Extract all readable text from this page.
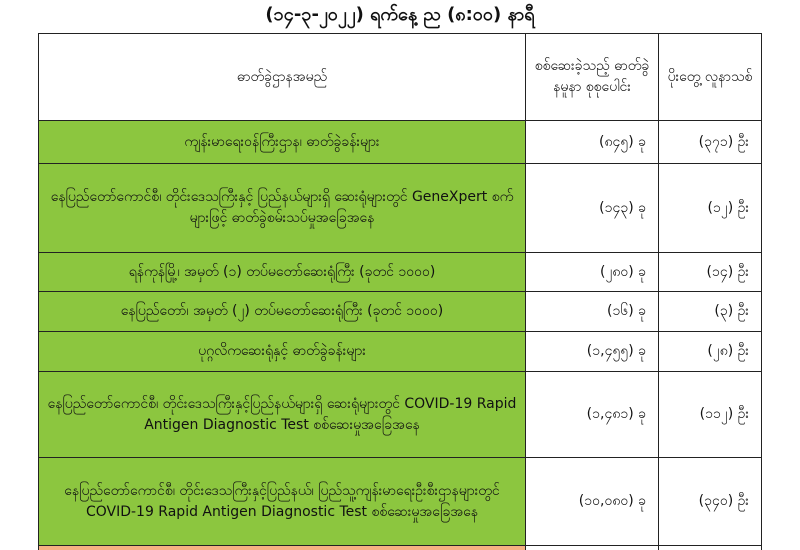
(၁၄-၃-၂၀၂၂) ရက်နေ့ ည (၈:၀၀) နာရီ
ဓာတ်ခွဲဌာနအမည်	စစ်ဆေးခဲ့သည့် ဓာတ်ခွဲနမူနာ စုစုပေါင်း	ပိုးတွေ့ လူနာသစ်
ကျန်းမာရေးဝန်ကြီးဌာန၊ ဓာတ်ခွဲခန်းများ	(၈၄၅) ခု	(၃၇၁) ဦး
နေပြည်တော်ကောင်စီ၊ တိုင်းဒေသကြီးနှင့် ပြည်နယ်များရှိ ဆေးရုံများတွင် GeneXpert စက်များဖြင့် ဓာတ်ခွဲစမ်းသပ်မှုအခြေအနေ	(၁၄၃) ခု	(၁၂) ဦး
ရန်ကုန်မြို့၊ အမှတ် (၁) တပ်မတော်ဆေးရုံကြီး (ခုတင် ၁၀၀၀)	(၂၈၀) ခု	(၁၄) ဦး
နေပြည်တော်၊ အမှတ် (၂) တပ်မတော်ဆေးရုံကြီး (ခုတင် ၁၀၀၀)	(၁၆) ခု	(၃) ဦး
ပုဂ္ဂလိကဆေးရုံနှင့် ဓာတ်ခွဲခန်းများ	(၁,၄၅၅) ခု	(၂၈) ဦး
နေပြည်တော်ကောင်စီ၊ တိုင်းဒေသကြီးနှင့်ပြည်နယ်များရှိ ဆေးရုံများတွင် COVID-19 Rapid Antigen Diagnostic Test စစ်ဆေးမှုအခြေအနေ	(၁,၄၈၁) ခု	(၁၁၂) ဦး
နေပြည်တော်ကောင်စီ၊ တိုင်းဒေသကြီးနှင့်ပြည်နယ်၊ ပြည်သူ့ကျန်းမာရေးဦးစီးဌာနများတွင် COVID-19 Rapid Antigen Diagnostic Test စစ်ဆေးမှုအခြေအနေ	(၁၀,၀၈၀) ခု	(၃၄၀) ဦး
